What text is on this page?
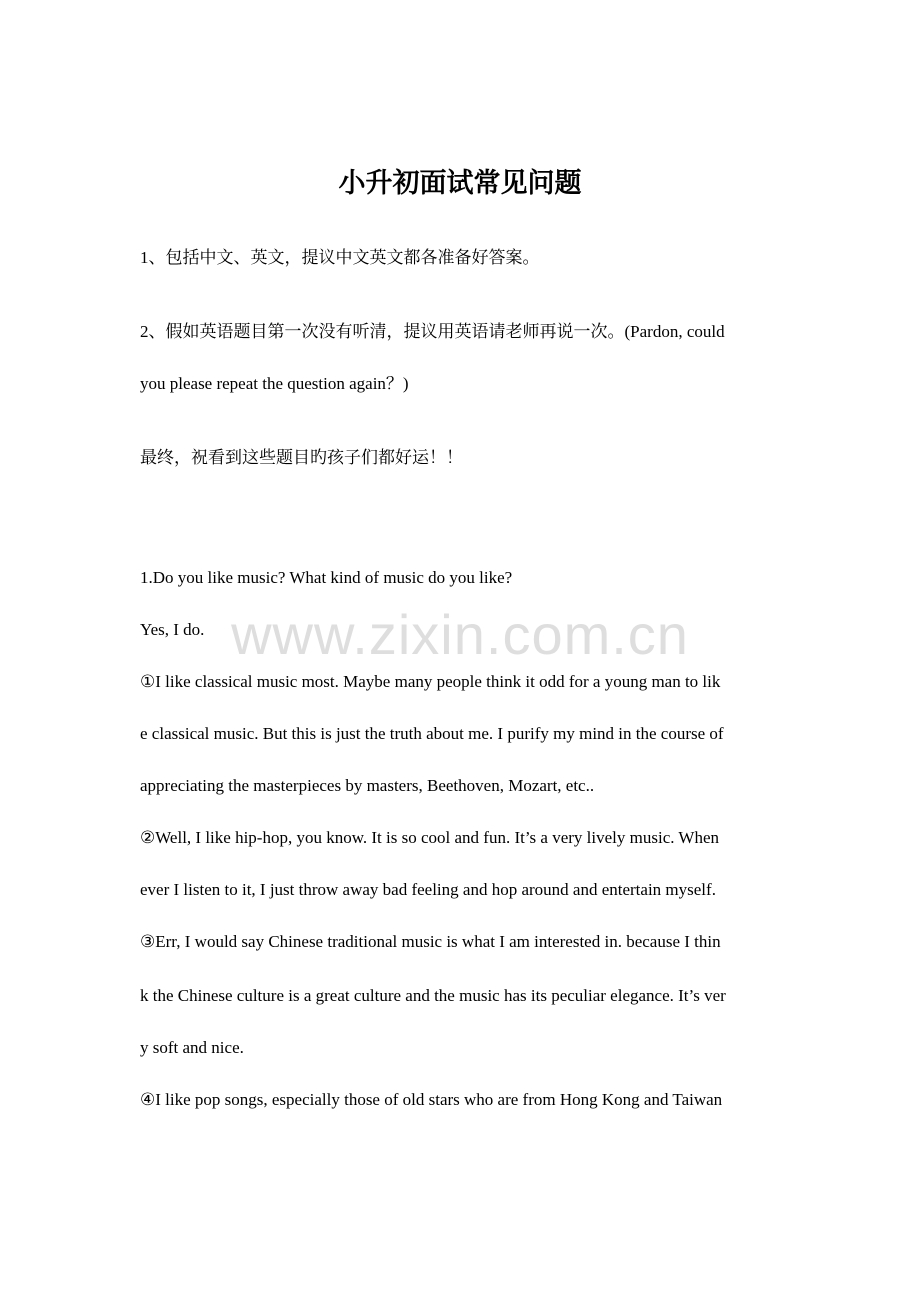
www.zixin.com.cn
小升初面试常见问题

1、包括中文、英文，提议中文英文都各准备好答案。

2、假如英语题目第一次没有听清，提议用英语请老师再说一次。(Pardon, could

you please repeat the question again？)

最终，祝看到这些题目旳孩子们都好运！！

1.Do you like music? What kind of music do you like?

Yes, I do.

①I like classical music most. Maybe many people think it odd for a young man to lik

e classical music. But this is just the truth about me. I purify my mind in the course of

appreciating the masterpieces by masters, Beethoven, Mozart, etc..

②Well, I like hip-hop, you know. It is so cool and fun. It’s a very lively music. When

ever I listen to it, I just throw away bad feeling and hop around and entertain myself.

③Err, I would say Chinese traditional music is what I am interested in. because I thin

k the Chinese culture is a great culture and the music has its peculiar elegance. It’s ver

y soft and nice.

④I like pop songs, especially those of old stars who are from Hong Kong and Taiwan
